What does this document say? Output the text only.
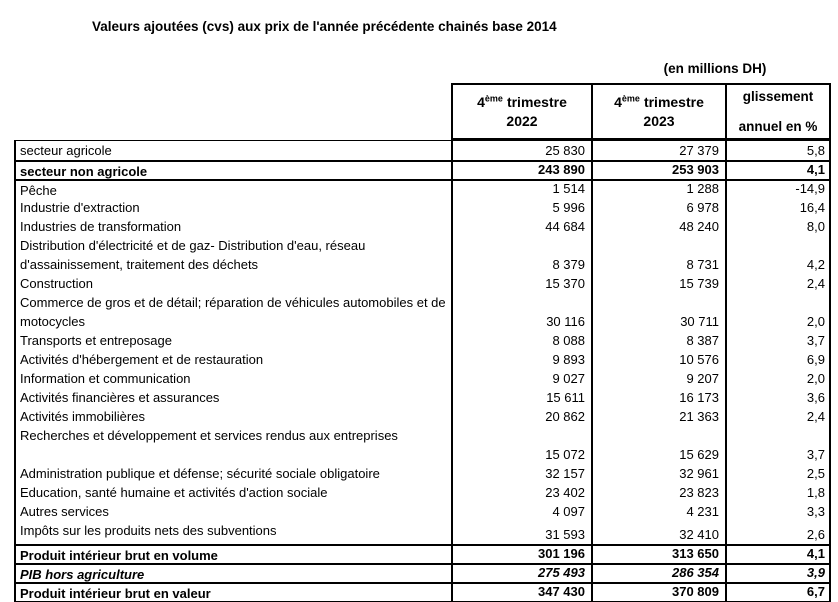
Valeurs ajoutées (cvs) aux prix de l'année précédente chainés base 2014
(en millions DH)
4ème trimestre
2022
4ème trimestre
2023
glissement
annuel en %
secteur agricole	25 830	27 379	5,8
secteur non agricole	243 890	253 903	4,1
Pêche	1 514	1 288	-14,9
Industrie d'extraction	5 996	6 978	16,4
Industries de transformation	44 684	48 240	8,0
Distribution d'électricité et de gaz- Distribution d'eau, réseau d'assainissement, traitement des déchets	8 379	8 731	4,2
Construction	15 370	15 739	2,4
Commerce de gros et de détail; réparation de véhicules automobiles et de motocycles	30 116	30 711	2,0
Transports et entreposage	8 088	8 387	3,7
Activités d'hébergement et de restauration	9 893	10 576	6,9
Information et communication	9 027	9 207	2,0
Activités financières et assurances	15 611	16 173	3,6
Activités immobilières	20 862	21 363	2,4
Recherches et développement et services rendus aux entreprises
15 072	15 629	3,7
Administration publique et défense; sécurité sociale obligatoire	32 157	32 961	2,5
Education, santé humaine et activités d'action sociale	23 402	23 823	1,8
Autres services	4 097	4 231	3,3
Impôts sur les produits nets des subventions	31 593	32 410	2,6
Produit intérieur brut en volume	301 196	313 650	4,1
PIB hors agriculture	275 493	286 354	3,9
Produit intérieur brut en valeur	347 430	370 809	6,7
